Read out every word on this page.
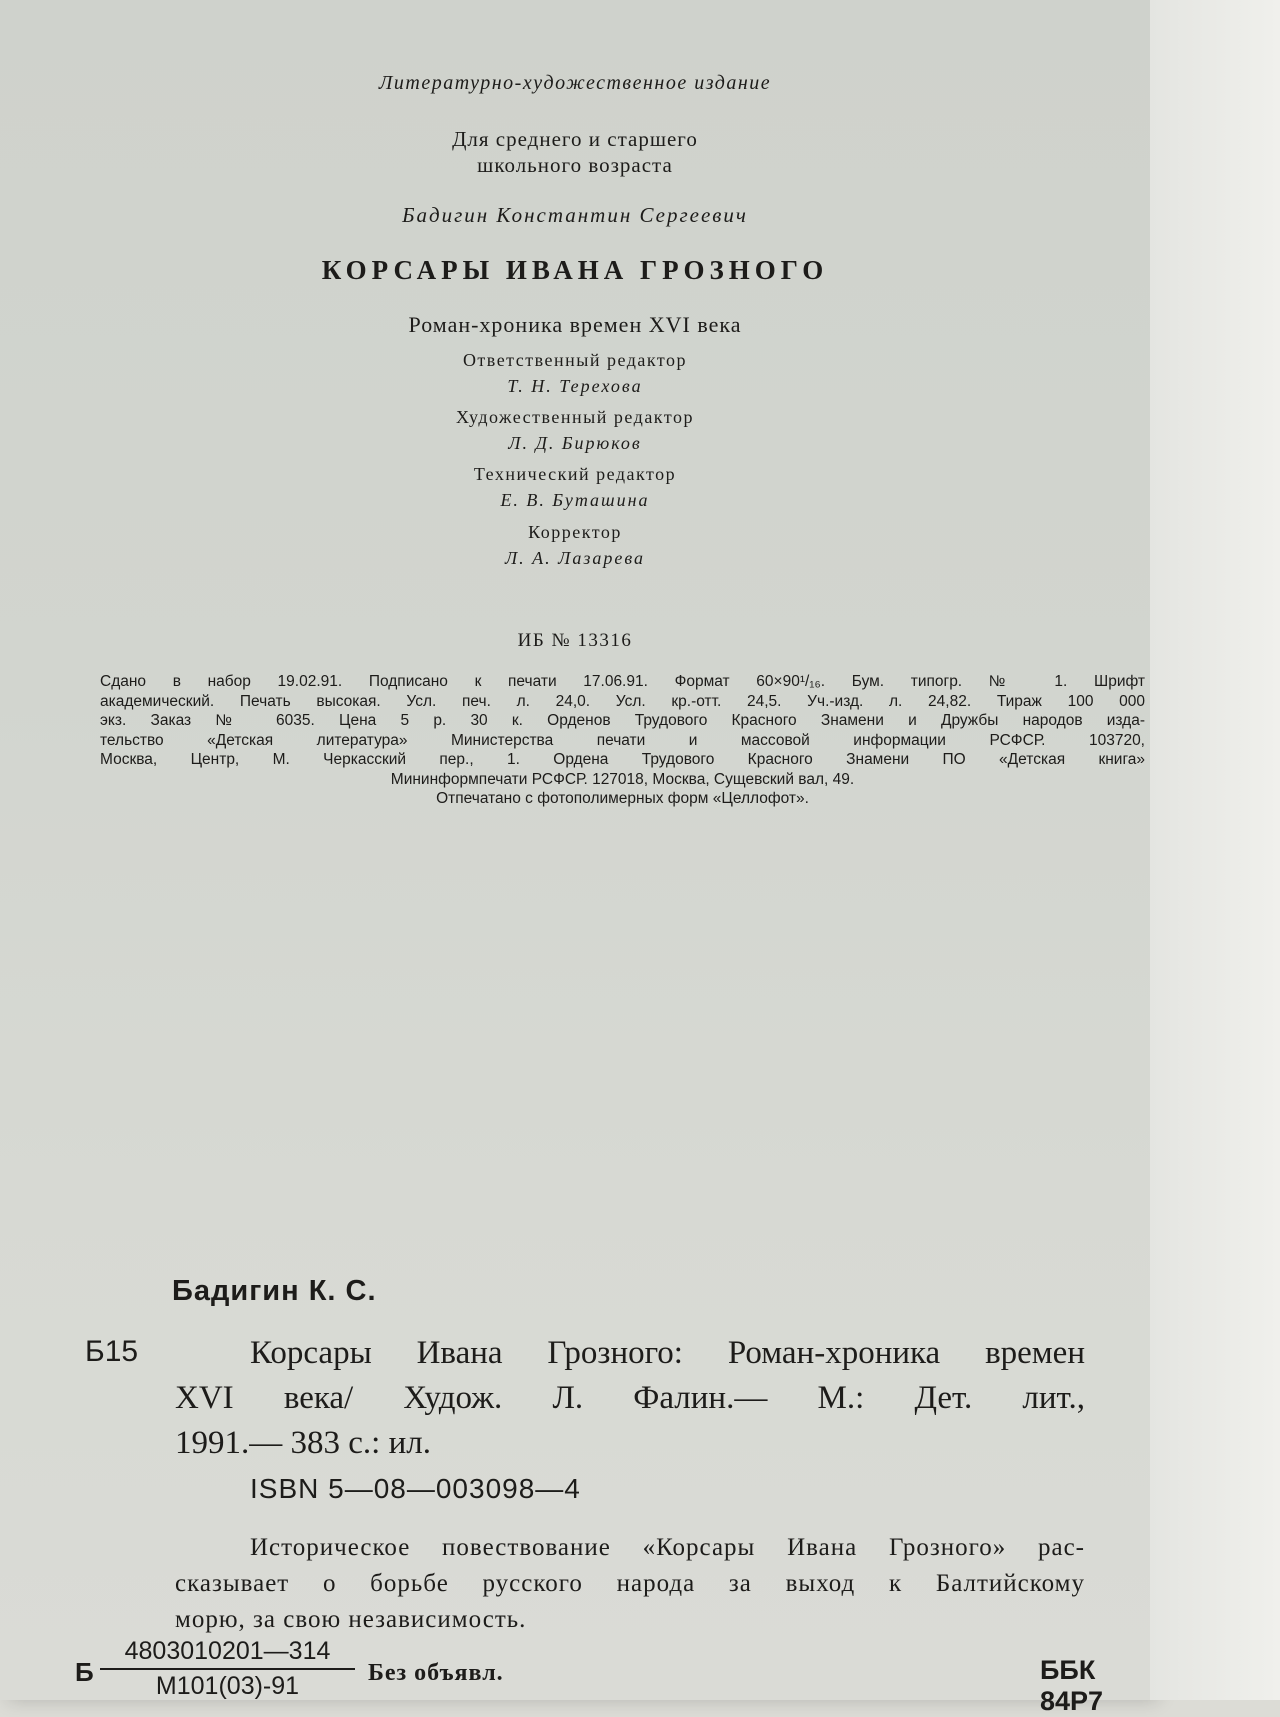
Литературно-художественное издание
Для среднего и старшего
школьного возраста
Бадигин Константин Сергеевич
КОРСАРЫ ИВАНА ГРОЗНОГО
Роман-хроника времен XVI века
Ответственный редактор
Т. Н. Терехова
Художественный редактор
Л. Д. Бирюков
Технический редактор
Е. В. Буташина
Корректор
Л. А. Лазарева
ИБ № 13316
Сдано в набор 19.02.91. Подписано к печати 17.06.91. Формат 60×90¹/₁₆. Бум. типогр. № 1. Шрифт
академический. Печать высокая. Усл. печ. л. 24,0. Усл. кр.-отт. 24,5. Уч.-изд. л. 24,82. Тираж 100 000
экз. Заказ № 6035. Цена 5 р. 30 к. Орденов Трудового Красного Знамени и Дружбы народов изда-
тельство «Детская литература» Министерства печати и массовой информации РСФСР. 103720,
Москва, Центр, М. Черкасский пер., 1. Ордена Трудового Красного Знамени ПО «Детская книга»
Мининформпечати РСФСР. 127018, Москва, Сущевский вал, 49.
Отпечатано с фотополимерных форм «Целлофот».
Бадигин К. С.
Б15	Корсары Ивана Грозного: Роман-хроника времен
XVI века/ Худож. Л. Фалин.— М.: Дет. лит.,
1991.— 383 с.: ил.
ISBN 5—08—003098—4
Историческое повествование «Корсары Ивана Грозного» рас-
сказывает о борьбе русского народа за выход к Балтийскому
морю, за свою независимость.
Б
4803010201—314
М101(03)-91	Без объявл.	ББК 84Р7
